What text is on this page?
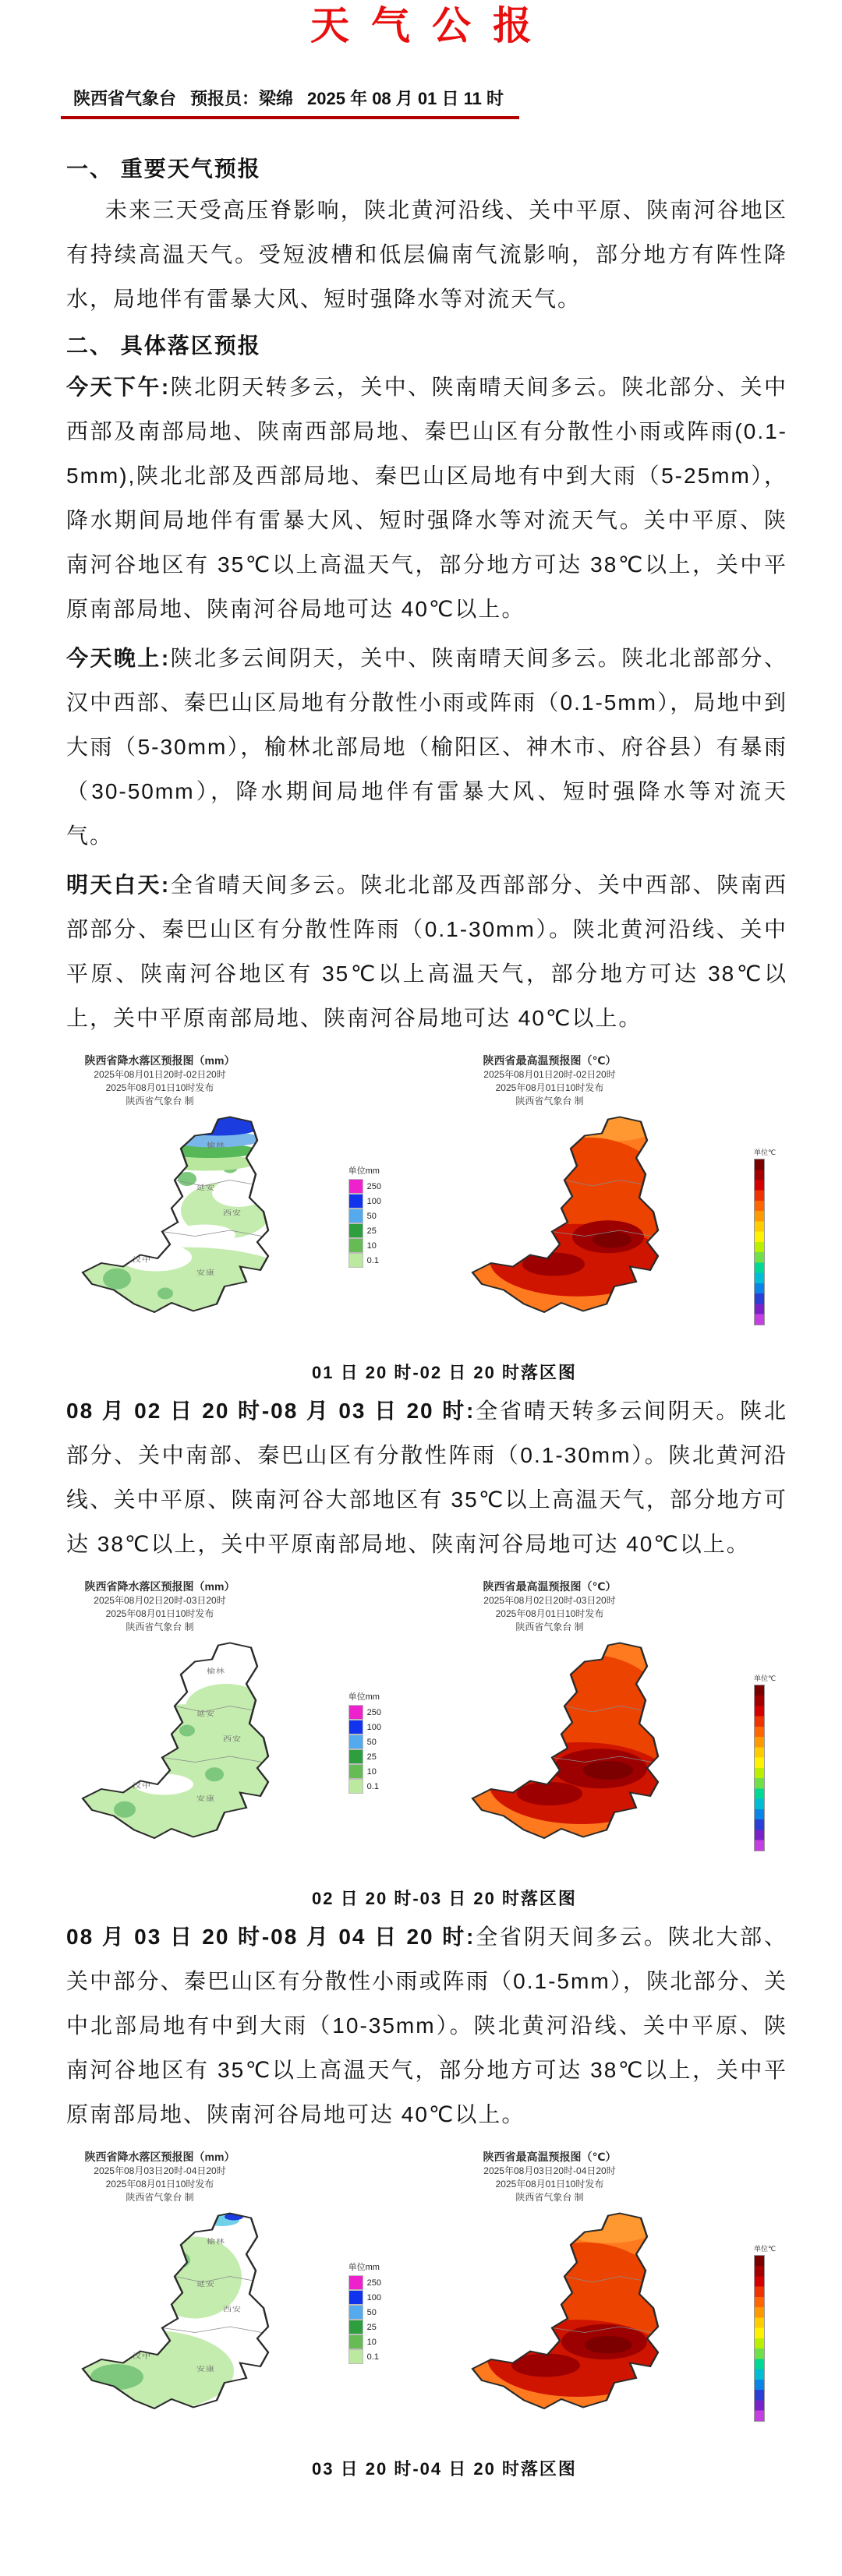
天气公报
陕西省气象台 预报员：梁绵 2025 年 08 月 01 日 11 时
一、 重要天气预报

未来三天受高压脊影响，陕北黄河沿线、关中平原、陕南河谷地区有持续高温天气。受短波槽和低层偏南气流影响，部分地方有阵性降水，局地伴有雷暴大风、短时强降水等对流天气。

二、 具体落区预报

今天下午:陕北阴天转多云，关中、陕南晴天间多云。陕北部分、关中西部及南部局地、陕南西部局地、秦巴山区有分散性小雨或阵雨(0.1-5mm),陕北北部及西部局地、秦巴山区局地有中到大雨（5-25mm），降水期间局地伴有雷暴大风、短时强降水等对流天气。关中平原、陕南河谷地区有 35℃以上高温天气，部分地方可达 38℃以上，关中平原南部局地、陕南河谷局地可达 40℃以上。

今天晚上:陕北多云间阴天，关中、陕南晴天间多云。陕北北部部分、汉中西部、秦巴山区局地有分散性小雨或阵雨（0.1-5mm），局地中到大雨（5-30mm），榆林北部局地（榆阳区、神木市、府谷县）有暴雨（30-50mm），降水期间局地伴有雷暴大风、短时强降水等对流天气。

明天白天:全省晴天间多云。陕北北部及西部部分、关中西部、陕南西部部分、秦巴山区有分散性阵雨（0.1-30mm）。陕北黄河沿线、关中平原、陕南河谷地区有 35℃以上高温天气，部分地方可达 38℃以上，关中平原南部局地、陕南河谷局地可达 40℃以上。

陕西省降水落区预报图（mm）
2025年08月01日20时-02日20时
2025年08月01日10时发布
陕西省气象台 制
榆林
延安
西安
汉中
安康
单位mm
250
100
50
25
10
0.1
陕西省最高温预报图（℃）
2025年08月01日20时-02日20时
2025年08月01日10时发布
陕西省气象台 制
单位℃
01 日 20 时-02 日 20 时落区图

08 月 02 日 20 时-08 月 03 日 20 时:全省晴天转多云间阴天。陕北部分、关中南部、秦巴山区有分散性阵雨（0.1-30mm）。陕北黄河沿线、关中平原、陕南河谷大部地区有 35℃以上高温天气，部分地方可达 38℃以上，关中平原南部局地、陕南河谷局地可达 40℃以上。

陕西省降水落区预报图（mm）
2025年08月02日20时-03日20时
2025年08月01日10时发布
陕西省气象台 制
榆林
延安
西安
汉中
安康
单位mm
250
100
50
25
10
0.1
陕西省最高温预报图（℃）
2025年08月02日20时-03日20时
2025年08月01日10时发布
陕西省气象台 制
单位℃
02 日 20 时-03 日 20 时落区图

08 月 03 日 20 时-08 月 04 日 20 时:全省阴天间多云。陕北大部、关中部分、秦巴山区有分散性小雨或阵雨（0.1-5mm），陕北部分、关中北部局地有中到大雨（10-35mm）。陕北黄河沿线、关中平原、陕南河谷地区有 35℃以上高温天气，部分地方可达 38℃以上，关中平原南部局地、陕南河谷局地可达 40℃以上。

陕西省降水落区预报图（mm）
2025年08月03日20时-04日20时
2025年08月01日10时发布
陕西省气象台 制
榆林
延安
西安
汉中
安康
单位mm
250
100
50
25
10
0.1
陕西省最高温预报图（℃）
2025年08月03日20时-04日20时
2025年08月01日10时发布
陕西省气象台 制
单位℃
03 日 20 时-04 日 20 时落区图
